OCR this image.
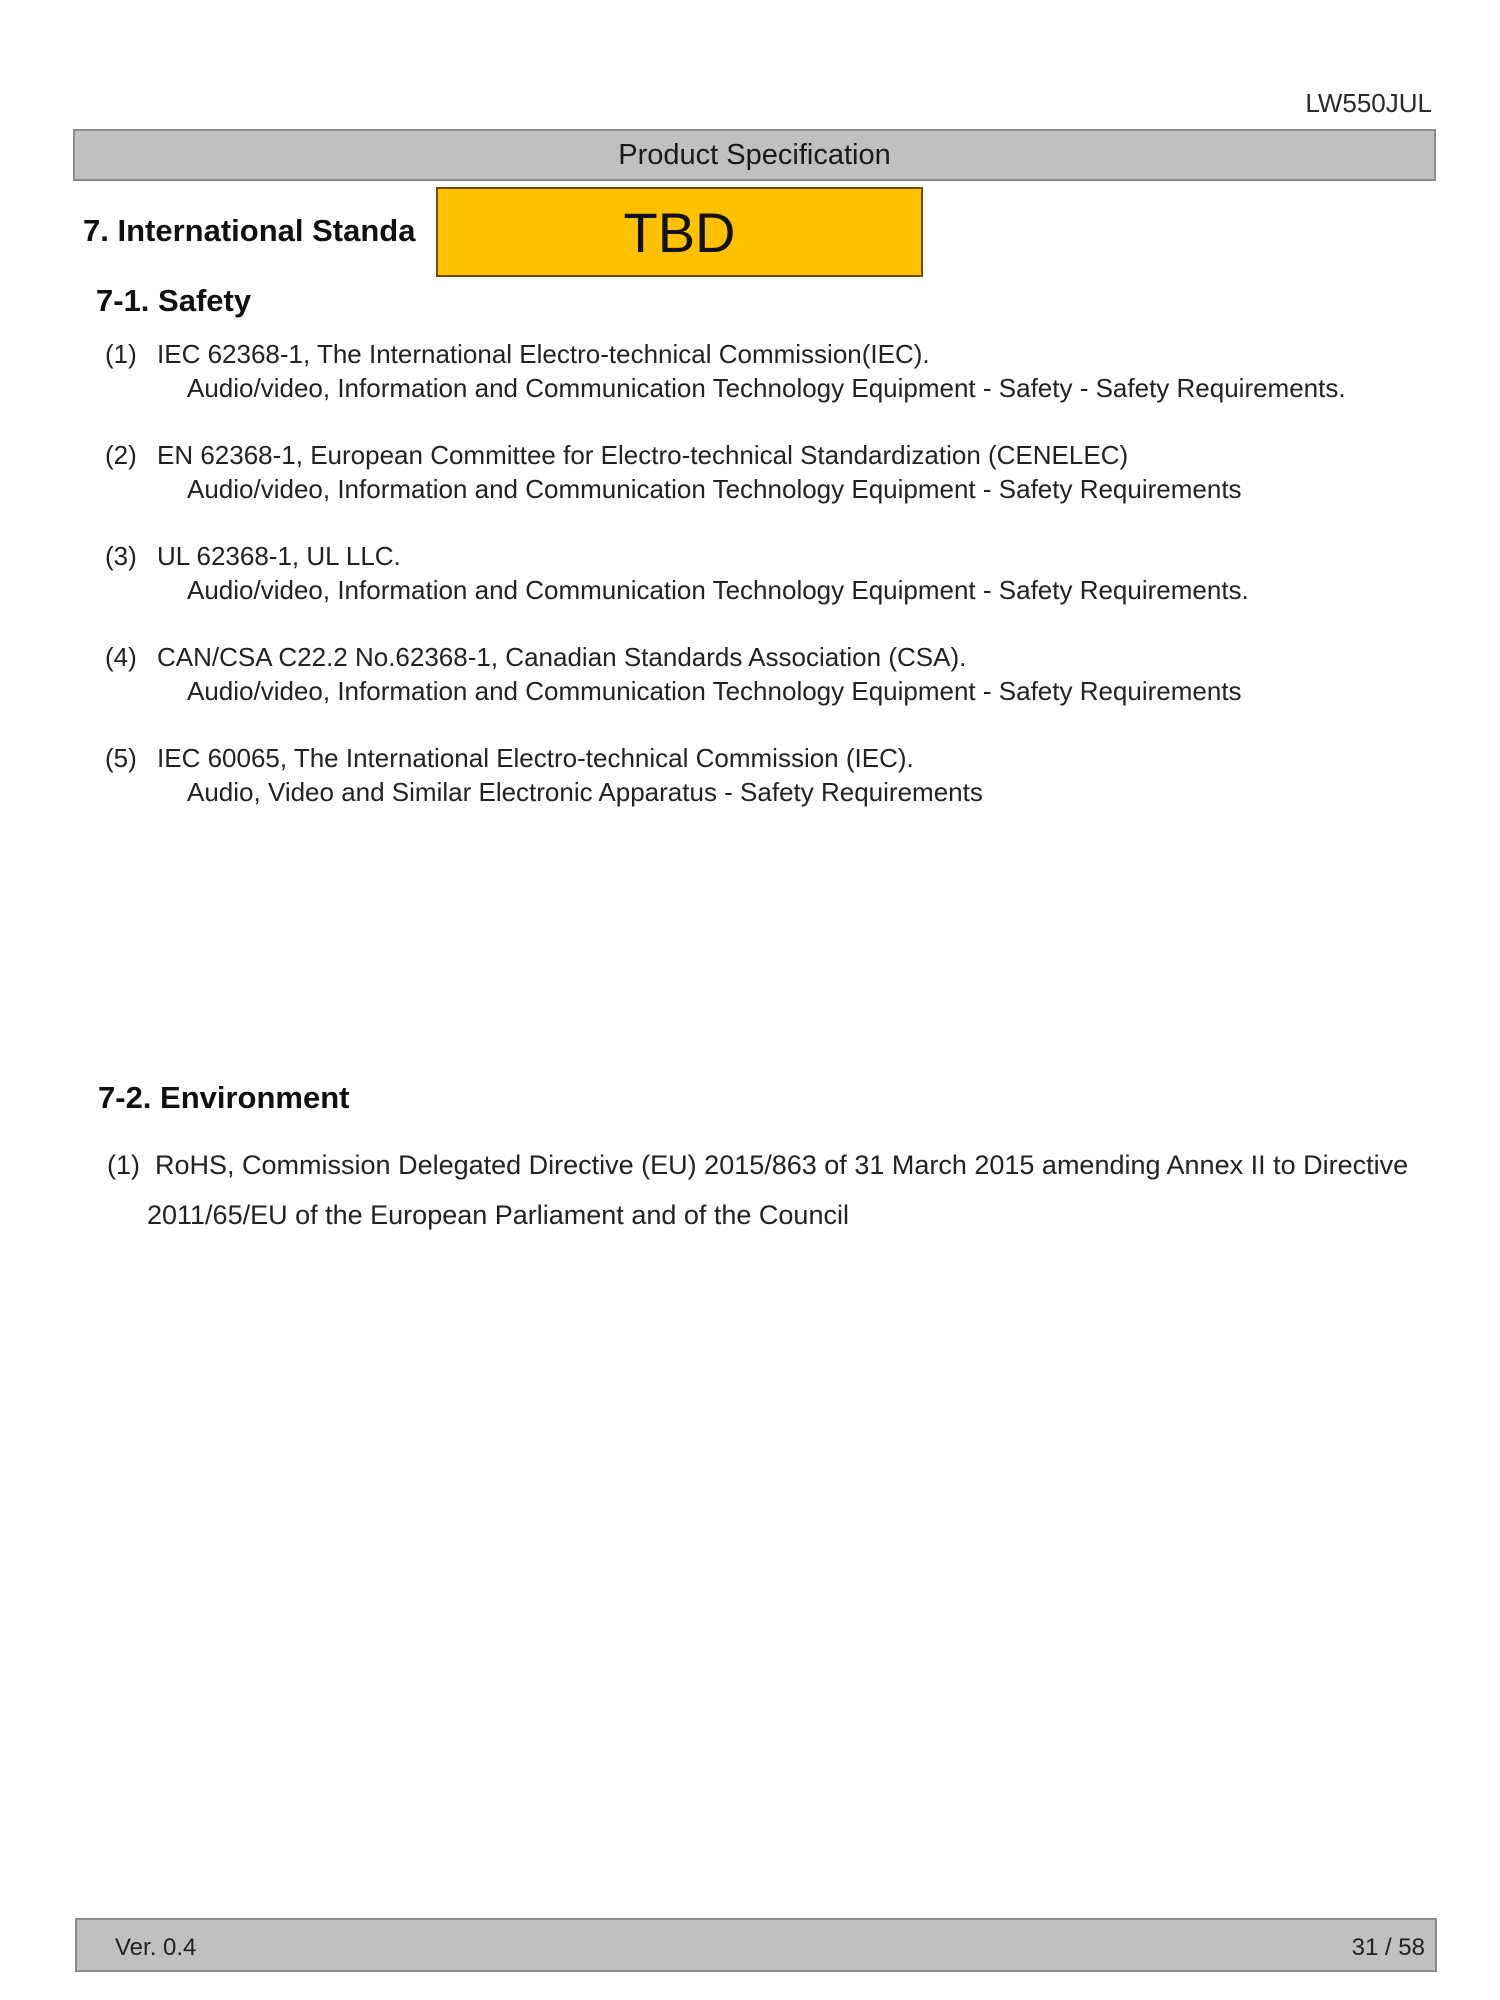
LW550JUL
Product Specification
7. International Standa	TBD
7-1. Safety
(1) IEC 62368-1, The International Electro-technical Commission(IEC).
Audio/video, Information and Communication Technology Equipment - Safety - Safety Requirements.
(2) EN 62368-1, European Committee for Electro-technical Standardization (CENELEC)
Audio/video, Information and Communication Technology Equipment - Safety Requirements
(3) UL 62368-1, UL LLC.
Audio/video, Information and Communication Technology Equipment - Safety Requirements.
(4) CAN/CSA C22.2 No.62368-1, Canadian Standards Association (CSA).
Audio/video, Information and Communication Technology Equipment - Safety Requirements
(5) IEC 60065, The International Electro-technical Commission (IEC).
Audio, Video and Similar Electronic Apparatus - Safety Requirements
7-2. Environment
(1) RoHS, Commission Delegated Directive (EU) 2015/863 of 31 March 2015 amending Annex II to Directive
2011/65/EU of the European Parliament and of the Council
Ver. 0.4	31 / 58
